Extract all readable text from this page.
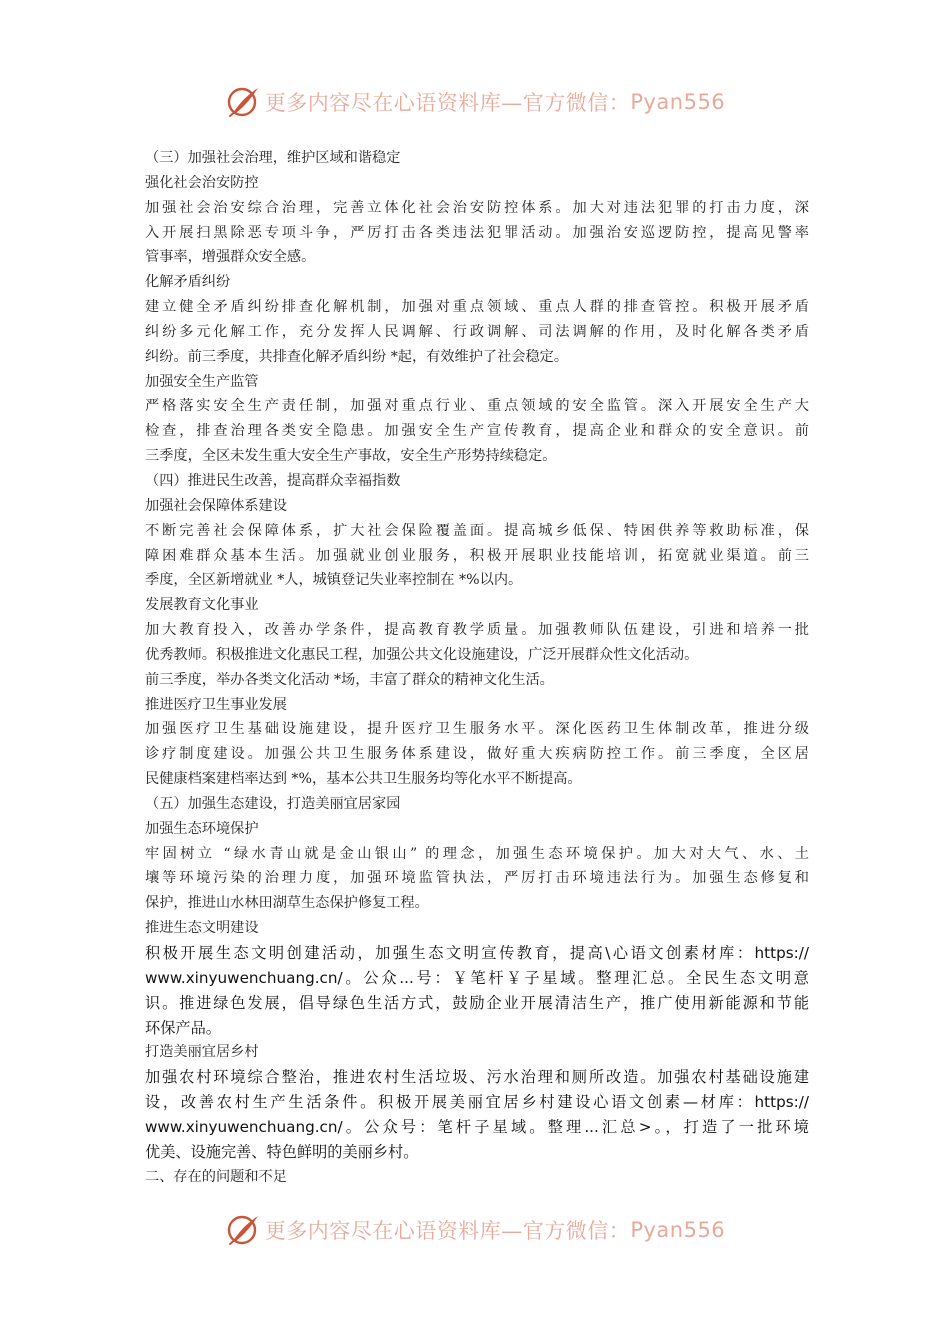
更多内容尽在心语资料库—官方微信： Pyan556

（三）加强社会治理，维护区域和谐稳定

强化社会治安防控

加强社会治安综合治理，完善立体化社会治安防控体系。加大对违法犯罪的打击力度，深

入开展扫黑除恶专项斗争，严厉打击各类违法犯罪活动。加强治安巡逻防控，提高见警率

管事率，增强群众安全感。

化解矛盾纠纷

建立健全矛盾纠纷排查化解机制，加强对重点领域、重点人群的排查管控。积极开展矛盾

纠纷多元化解工作，充分发挥人民调解、行政调解、司法调解的作用，及时化解各类矛盾

纠纷。前三季度，共排查化解矛盾纠纷 *起，有效维护了社会稳定。

加强安全生产监管

严格落实安全生产责任制，加强对重点行业、重点领域的安全监管。深入开展安全生产大

检查，排查治理各类安全隐患。加强安全生产宣传教育，提高企业和群众的安全意识。前

三季度，全区未发生重大安全生产事故，安全生产形势持续稳定。

（四）推进民生改善，提高群众幸福指数

加强社会保障体系建设

不断完善社会保障体系，扩大社会保险覆盖面。提高城乡低保、特困供养等救助标准，保

障困难群众基本生活。加强就业创业服务，积极开展职业技能培训，拓宽就业渠道。前三

季度，全区新增就业 *人，城镇登记失业率控制在 *%以内。

发展教育文化事业

加大教育投入，改善办学条件，提高教育教学质量。加强教师队伍建设，引进和培养一批

优秀教师。积极推进文化惠民工程，加强公共文化设施建设，广泛开展群众性文化活动。

前三季度，举办各类文化活动 *场，丰富了群众的精神文化生活。

推进医疗卫生事业发展

加强医疗卫生基础设施建设，提升医疗卫生服务水平。深化医药卫生体制改革，推进分级

诊疗制度建设。加强公共卫生服务体系建设，做好重大疾病防控工作。前三季度，全区居

民健康档案建档率达到 *%，基本公共卫生服务均等化水平不断提高。

（五）加强生态建设，打造美丽宜居家园

加强生态环境保护

牢固树立 “绿水青山就是金山银山” 的理念，加强生态环境保护。加大对大气、水、土

壤等环境污染的治理力度，加强环境监管执法，严厉打击环境违法行为。加强生态修复和

保护，推进山水林田湖草生态保护修复工程。

推进生态文明建设

积极开展生态文明创建活动，加强生态文明宣传教育，提高\心语文创素材库：https://

www.xinyuwenchuang.cn/。公众...号：￥笔杆￥子星域。整理汇总。全民生态文明意

识。推进绿色发展，倡导绿色生活方式，鼓励企业开展清洁生产，推广使用新能源和节能

环保产品。

打造美丽宜居乡村

加强农村环境综合整治，推进农村生活垃圾、污水治理和厕所改造。加强农村基础设施建

设，改善农村生产生活条件。积极开展美丽宜居乡村建设心语文创素—材库：https://

www.xinyuwenchuang.cn/。公众号：笔杆子星域。整理...汇总>。，打造了一批环境

优美、设施完善、特色鲜明的美丽乡村。

二、存在的问题和不足

更多内容尽在心语资料库—官方微信： Pyan556
